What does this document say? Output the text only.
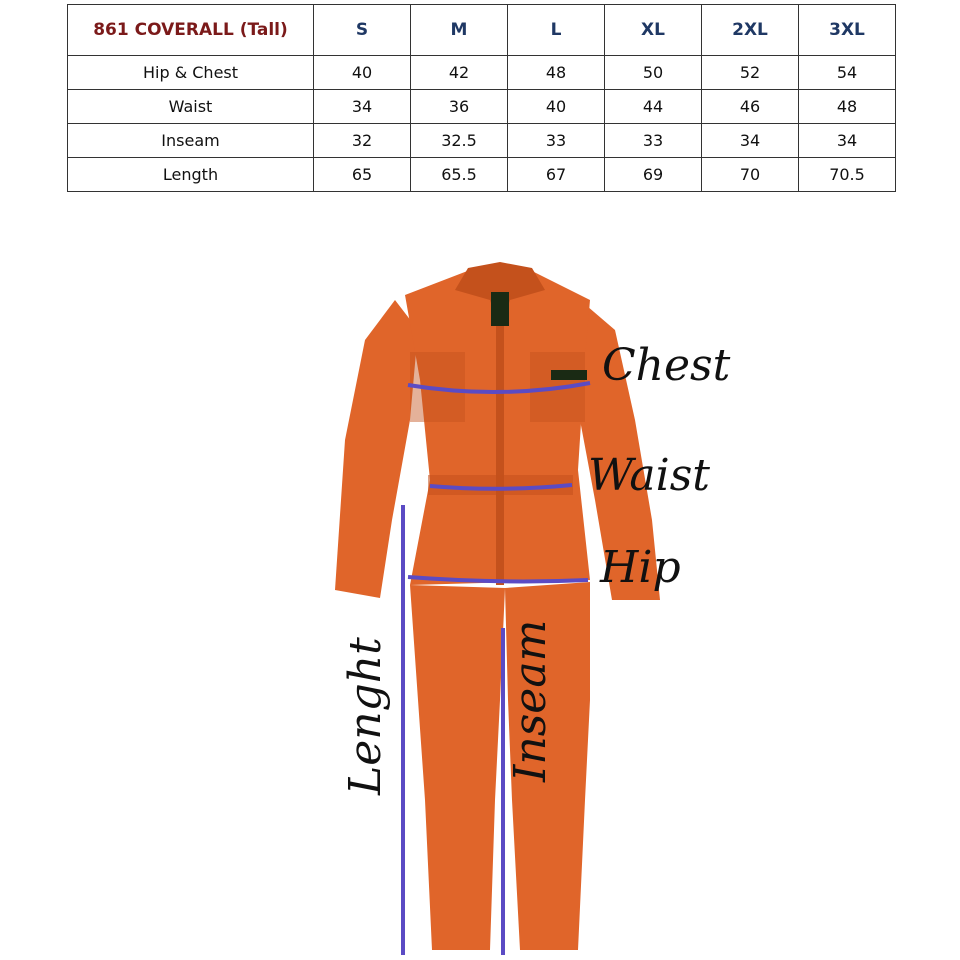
861 COVERALL (Tall)	S	M	L	XL	2XL	3XL
Hip & Chest	40	42	48	50	52	54
Waist	34	36	40	44	46	48
Inseam	32	32.5	33	33	34	34
Length	65	65.5	67	69	70	70.5
Chest
Waist
Hip
Lenght	Inseam
